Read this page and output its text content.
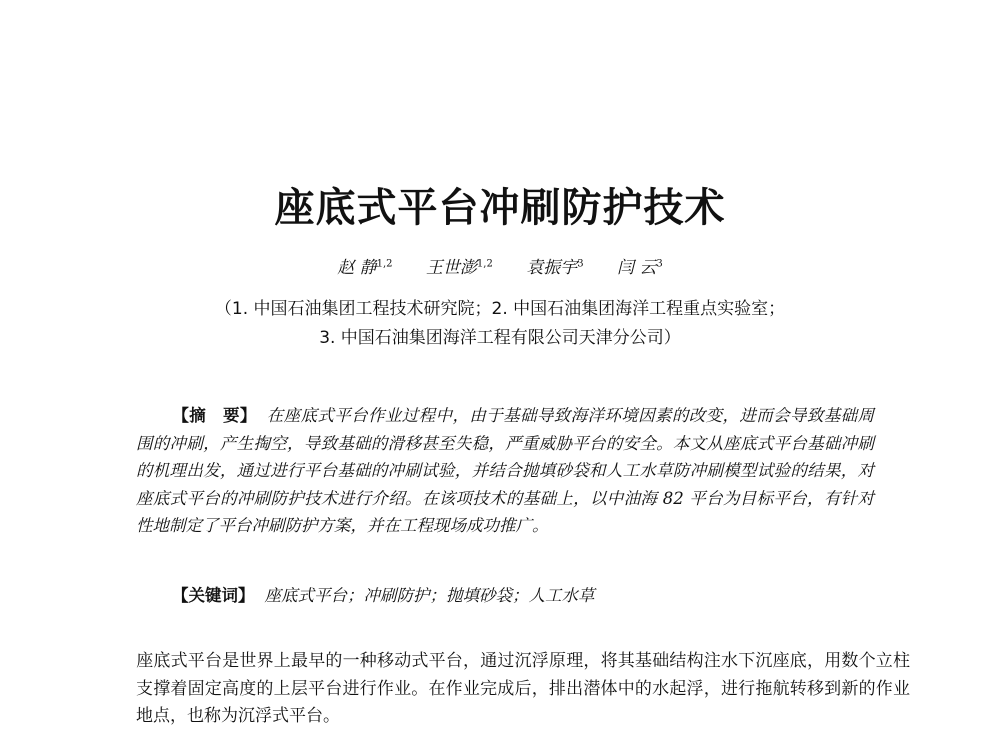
座底式平台冲刷防护技术
赵 静$^{1,2}$ 王世澎$^{1,2}$ 袁振宇$^3$ 闫 云$^3$
（1. 中国石油集团工程技术研究院；2. 中国石油集团海洋工程重点实验室；
3. 中国石油集团海洋工程有限公司天津分公司）
【摘　要】 在座底式平台作业过程中，由于基础导致海洋环境因素的改变，进而会导致基础周围的冲刷，产生掏空，导致基础的滑移甚至失稳，严重威胁平台的安全。本文从座底式平台基础冲刷的机理出发，通过进行平台基础的冲刷试验，并结合抛填砂袋和人工水草防冲刷模型试验的结果，对座底式平台的冲刷防护技术进行介绍。在该项技术的基础上，以中油海 82 平台为目标平台，有针对性地制定了平台冲刷防护方案，并在工程现场成功推广。
【关键词】 座底式平台；冲刷防护；抛填砂袋；人工水草
座底式平台是世界上最早的一种移动式平台，通过沉浮原理，将其基础结构注水下沉座底，用数个立柱支撑着固定高度的上层平台进行作业。在作业完成后，排出潜体中的水起浮，进行拖航转移到新的作业地点，也称为沉浮式平台。
